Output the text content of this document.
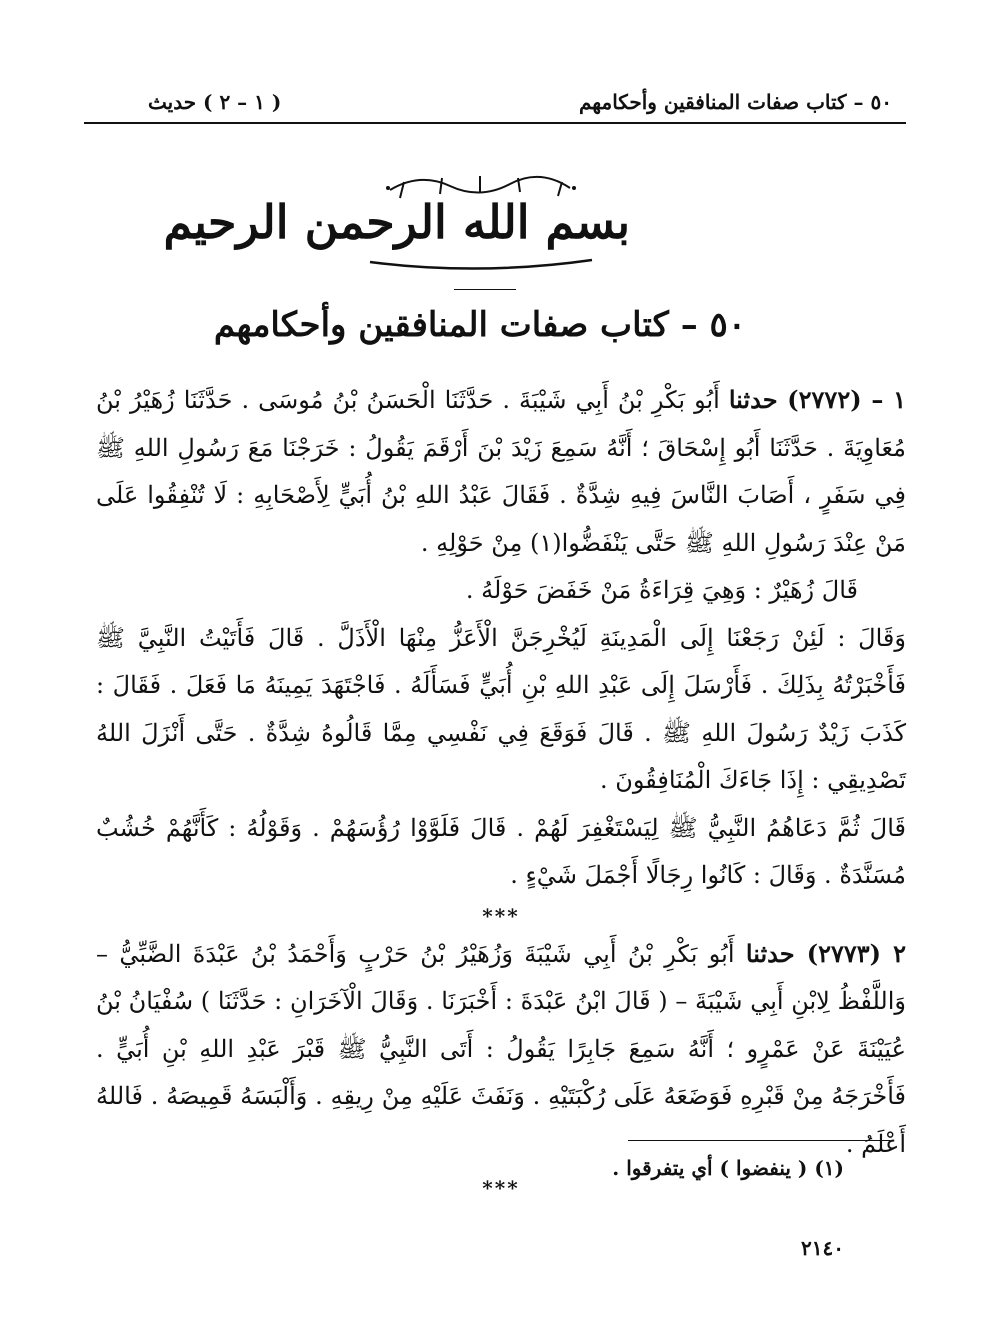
٥٠ – كتاب صفات المنافقين وأحكامهم
( ١ – ٢ ) حديث
بسم الله الرحمن الرحيم
٥٠ – كتاب صفات المنافقين وأحكامهم

١ – (٢٧٧٢) حدثنا أَبُو بَكْرِ بْنُ أَبِي شَيْبَةَ . حَدَّثَنَا الْحَسَنُ بْنُ مُوسَى . حَدَّثَنَا زُهَيْرُ بْنُ مُعَاوِيَةَ . حَدَّثَنَا أَبُو إِسْحَاقَ ؛ أَنَّهُ سَمِعَ زَيْدَ بْنَ أَرْقَمَ يَقُولُ : خَرَجْنَا مَعَ رَسُولِ اللهِ ﷺ فِي سَفَرٍ ، أَصَابَ النَّاسَ فِيهِ شِدَّةٌ . فَقَالَ عَبْدُ اللهِ بْنُ أُبَيٍّ لِأَصْحَابِهِ : لَا تُنْفِقُوا عَلَى مَنْ عِنْدَ رَسُولِ اللهِ ﷺ حَتَّى يَنْفَضُّوا(١) مِنْ حَوْلِهِ .

قَالَ زُهَيْرٌ : وَهِيَ قِرَاءَةُ مَنْ خَفَضَ حَوْلَهُ .

وَقَالَ : لَئِنْ رَجَعْنَا إِلَى الْمَدِينَةِ لَيُخْرِجَنَّ الْأَعَزُّ مِنْهَا الْأَذَلَّ . قَالَ فَأَتَيْتُ النَّبِيَّ ﷺ فَأَخْبَرْتُهُ بِذَلِكَ . فَأَرْسَلَ إِلَى عَبْدِ اللهِ بْنِ أُبَيٍّ فَسَأَلَهُ . فَاجْتَهَدَ يَمِينَهُ مَا فَعَلَ . فَقَالَ : كَذَبَ زَيْدٌ رَسُولَ اللهِ ﷺ . قَالَ فَوَقَعَ فِي نَفْسِي مِمَّا قَالُوهُ شِدَّةٌ . حَتَّى أَنْزَلَ اللهُ تَصْدِيقِي : إِذَا جَاءَكَ الْمُنَافِقُونَ .

قَالَ ثُمَّ دَعَاهُمُ النَّبِيُّ ﷺ لِيَسْتَغْفِرَ لَهُمْ . قَالَ فَلَوَّوْا رُؤُسَهُمْ . وَقَوْلُهُ : كَأَنَّهُمْ خُشُبٌ مُسَنَّدَةٌ . وَقَالَ : كَانُوا رِجَالًا أَجْمَلَ شَيْءٍ .

***

٢ (٢٧٧٣) حدثنا أَبُو بَكْرِ بْنُ أَبِي شَيْبَةَ وَزُهَيْرُ بْنُ حَرْبٍ وَأَحْمَدُ بْنُ عَبْدَةَ الضَّبِّيُّ – وَاللَّفْظُ لِابْنِ أَبِي شَيْبَةَ – ( قَالَ ابْنُ عَبْدَةَ : أَخْبَرَنَا . وَقَالَ الْآخَرَانِ : حَدَّثَنَا ) سُفْيَانُ بْنُ عُيَيْنَةَ عَنْ عَمْرٍو ؛ أَنَّهُ سَمِعَ جَابِرًا يَقُولُ : أَتَى النَّبِيُّ ﷺ قَبْرَ عَبْدِ اللهِ بْنِ أُبَيٍّ . فَأَخْرَجَهُ مِنْ قَبْرِهِ فَوَضَعَهُ عَلَى رُكْبَتَيْهِ . وَنَفَثَ عَلَيْهِ مِنْ رِيقِهِ . وَأَلْبَسَهُ قَمِيصَهُ . فَاللهُ أَعْلَمُ .

***

(١) ( ينفضوا ) أي يتفرقوا .
٢١٤٠
